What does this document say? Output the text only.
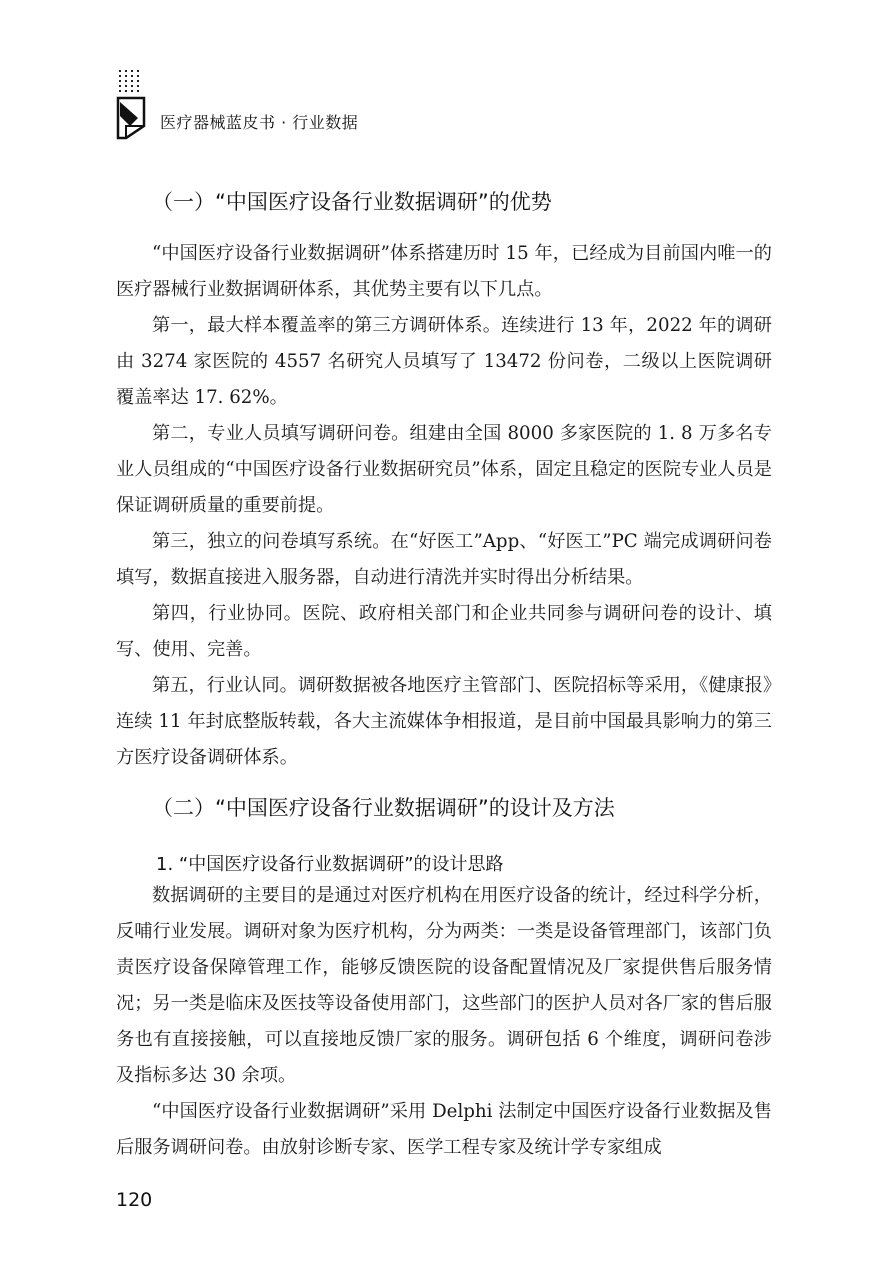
医疗器械蓝皮书 · 行业数据
（一）“中国医疗设备行业数据调研”的优势

“中国医疗设备行业数据调研”体系搭建历时 15 年，已经成为目前国内唯一的医疗器械行业数据调研体系，其优势主要有以下几点。

第一，最大样本覆盖率的第三方调研体系。连续进行 13 年，2022 年的调研由 3274 家医院的 4557 名研究人员填写了 13472 份问卷，二级以上医院调研覆盖率达 17. 62%。

第二，专业人员填写调研问卷。组建由全国 8000 多家医院的 1. 8 万多名专业人员组成的“中国医疗设备行业数据研究员”体系，固定且稳定的医院专业人员是保证调研质量的重要前提。

第三，独立的问卷填写系统。在“好医工”App、“好医工”PC 端完成调研问卷填写，数据直接进入服务器，自动进行清洗并实时得出分析结果。

第四，行业协同。医院、政府相关部门和企业共同参与调研问卷的设计、填写、使用、完善。

第五，行业认同。调研数据被各地医疗主管部门、医院招标等采用，《健康报》连续 11 年封底整版转载，各大主流媒体争相报道，是目前中国最具影响力的第三方医疗设备调研体系。

（二）“中国医疗设备行业数据调研”的设计及方法
1. “中国医疗设备行业数据调研”的设计思路

数据调研的主要目的是通过对医疗机构在用医疗设备的统计，经过科学分析，反哺行业发展。调研对象为医疗机构，分为两类：一类是设备管理部门，该部门负责医疗设备保障管理工作，能够反馈医院的设备配置情况及厂家提供售后服务情况；另一类是临床及医技等设备使用部门，这些部门的医护人员对各厂家的售后服务也有直接接触，可以直接地反馈厂家的服务。调研包括 6 个维度，调研问卷涉及指标多达 30 余项。

“中国医疗设备行业数据调研”采用 Delphi 法制定中国医疗设备行业数据及售后服务调研问卷。由放射诊断专家、医学工程专家及统计学专家组成

120
